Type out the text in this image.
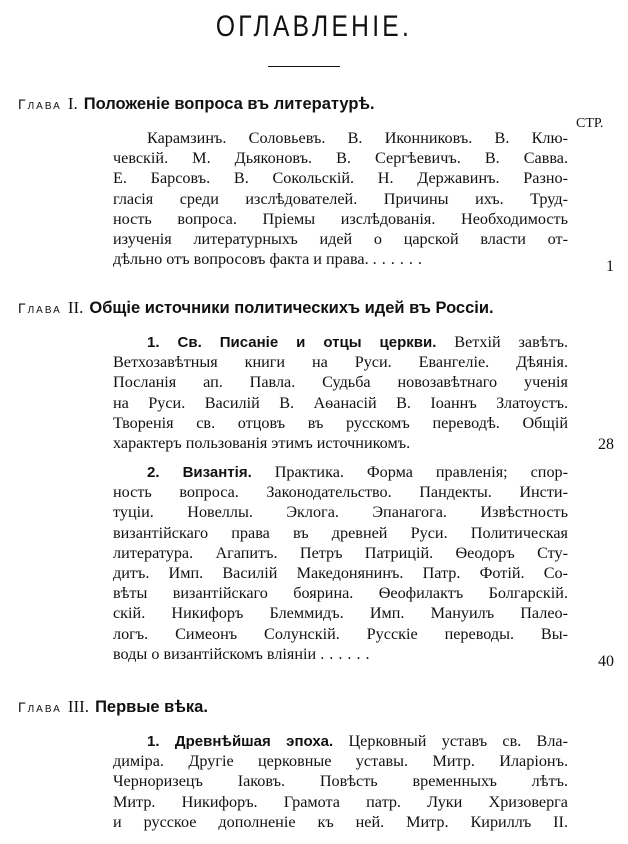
ОГЛАВЛЕНІЕ.
Глава I. Положеніе вопроса въ литературѣ.
СТР.
Карамзинъ. Соловьевъ. В. Иконниковъ. В. Клю-
чевскій. М. Дьяконовъ. В. Сергѣевичъ. В. Савва.
Е. Барсовъ. В. Сокольскій. Н. Державинъ. Разно-
гласія среди изслѣдователей. Причины ихъ. Труд-
ность вопроса. Пріемы изслѣдованія. Необходимость
изученія литературныхъ идей о царской власти от-
дѣльно отъ вопросовъ факта и права. ......	1
Глава II. Общіе источники политическихъ идей въ Россіи.
1. Св. Писаніе и отцы церкви. Ветхій завѣтъ.
Ветхозавѣтныя книги на Руси. Евангеліе. Дѣянія.
Посланія ап. Павла. Судьба новозавѣтнаго ученія
на Руси. Василій В. Аѳанасій В. Іоаннъ Златоустъ.
Творенія св. отцовъ въ русскомъ переводѣ. Общій
характеръ пользованія этимъ источникомъ.	28
2. Византія. Практика. Форма правленія; спор-
ность вопроса. Законодательство. Пандекты. Инсти-
туціи. Новеллы. Эклога. Эпанагога. Извѣстность
византійскаго права въ древней Руси. Политическая
литература. Агапитъ. Петръ Патрицій. Ѳеодоръ Сту-
дитъ. Имп. Василій Македонянинъ. Патр. Фотій. Со-
вѣты византійскаго боярина. Ѳеофилактъ Болгарскій.
скій. Никифоръ Блеммидъ. Имп. Мануилъ Палео-
логъ. Симеонъ Солунскій. Русскіе переводы. Вы-
воды о византійскомъ вліяніи ......	40
Глава III. Первые вѣка.
1. Древнѣйшая эпоха. Церковный уставъ св. Вла-
диміра. Другіе церковные уставы. Митр. Иларіонъ.
Черноризецъ Іаковъ. Повѣсть временныхъ лѣтъ.
Митр. Никифоръ. Грамота патр. Луки Хризоверга
и русское дополненіе къ ней. Митр. Кириллъ II.
